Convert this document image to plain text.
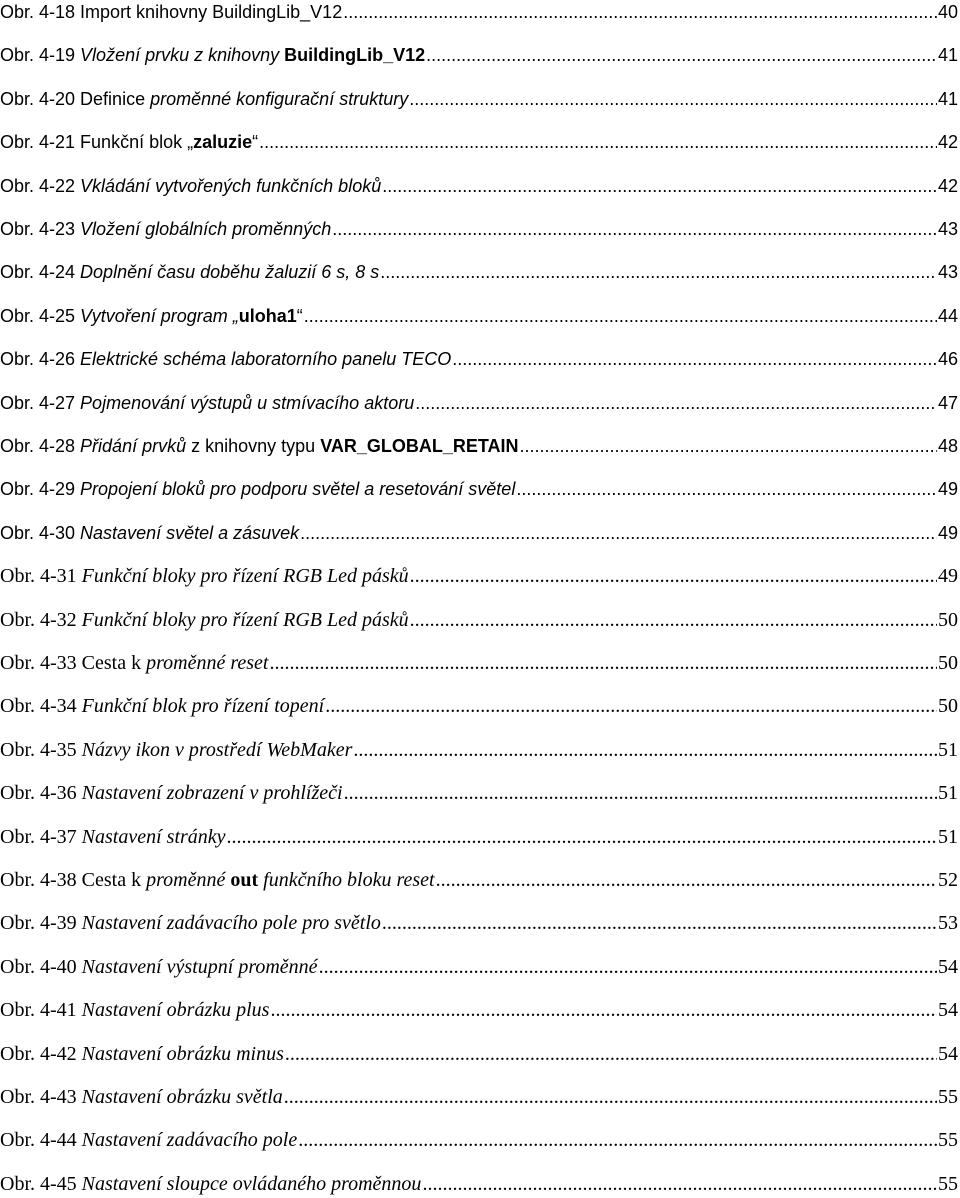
Obr. 4-18 Import knihovny BuildingLib_V12 .....	40
Obr. 4-19 Vložení prvku z knihovny BuildingLib_V12 .....	41
Obr. 4-20 Definice proměnné konfigurační struktury .....	41
Obr. 4-21 Funkční blok „zaluzie“ .....	42
Obr. 4-22 Vkládání vytvořených funkčních bloků .....	42
Obr. 4-23 Vložení globálních proměnných .....	43
Obr. 4-24 Doplnění času doběhu žaluzií 6 s, 8 s .....	43
Obr. 4-25 Vytvoření program „uloha1“ .....	44
Obr. 4-26 Elektrické schéma laboratorního panelu TECO .....	46
Obr. 4-27 Pojmenování výstupů u stmívacího aktoru .....	47
Obr. 4-28 Přidání prvků z knihovny typu VAR_GLOBAL_RETAIN .....	48
Obr. 4-29 Propojení bloků pro podporu světel a resetování světel .....	49
Obr. 4-30 Nastavení světel a zásuvek .....	49
Obr. 4-31 Funkční bloky pro řízení RGB Led pásků .....	49
Obr. 4-32 Funkční bloky pro řízení RGB Led pásků .....	50
Obr. 4-33 Cesta k proměnné reset .....	50
Obr. 4-34 Funkční blok pro řízení topení .....	50
Obr. 4-35 Názvy ikon v prostředí WebMaker .....	51
Obr. 4-36 Nastavení zobrazení v prohlížeči .....	51
Obr. 4-37 Nastavení stránky .....	51
Obr. 4-38 Cesta k proměnné out funkčního bloku reset .....	52
Obr. 4-39 Nastavení zadávacího pole pro světlo .....	53
Obr. 4-40 Nastavení výstupní proměnné .....	54
Obr. 4-41 Nastavení obrázku plus .....	54
Obr. 4-42 Nastavení obrázku minus .....	54
Obr. 4-43 Nastavení obrázku světla .....	55
Obr. 4-44 Nastavení zadávacího pole .....	55
Obr. 4-45 Nastavení sloupce ovládaného proměnnou .....	55
